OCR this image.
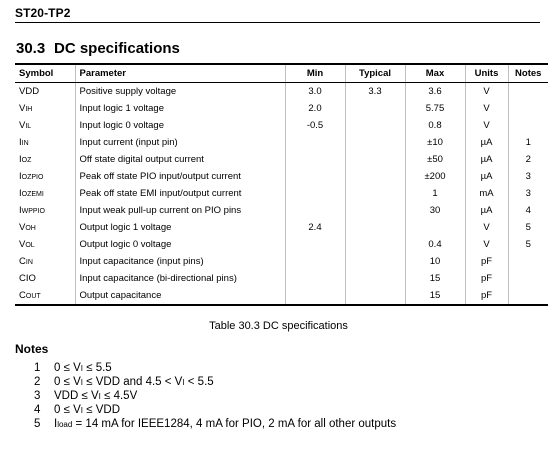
ST20-TP2
30.3 DC specifications
Symbol	Parameter	Min	Typical	Max	Units	Notes
VDD	Positive supply voltage	3.0	3.3	3.6	V	
VIH	Input logic 1 voltage	2.0		5.75	V	
VIL	Input logic 0 voltage	-0.5		0.8	V	
IIN	Input current (input pin)			±10	µA	1
IOZ	Off state digital output current			±50	µA	2
IOZPIO	Peak off state PIO input/output current			±200	µA	3
IOZEMI	Peak off state EMI input/output current			1	mA	3
IWPPIO	Input weak pull-up current on PIO pins			30	µA	4
VOH	Output logic 1 voltage	2.4			V	5
VOL	Output logic 0 voltage			0.4	V	5
CIN	Input capacitance (input pins)			10	pF	
CIO	Input capacitance (bi-directional pins)			15	pF	
COUT	Output capacitance			15	pF	
Table 30.3 DC specifications
Notes
1 0 ≤ VI ≤ 5.5
2 0 ≤ VI ≤ VDD and 4.5 < VI < 5.5
3 VDD ≤ VI ≤ 4.5V
4 0 ≤ VI ≤ VDD
5 Iload = 14 mA for IEEE1284, 4 mA for PIO, 2 mA for all other outputs
